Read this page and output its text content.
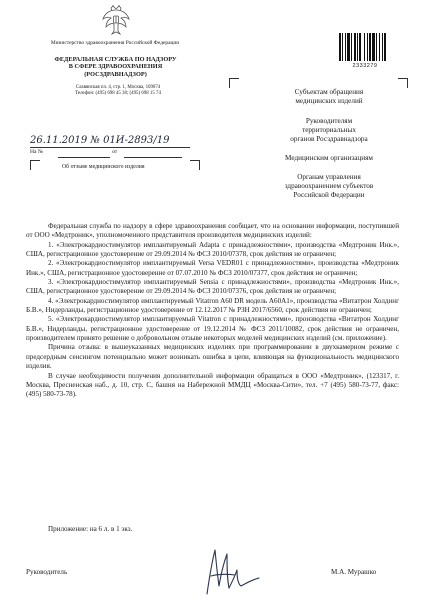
Министерство здравоохранения Российской Федерации
ФЕДЕРАЛЬНАЯ СЛУЖБА ПО НАДЗОРУ
В СФЕРЕ ЗДРАВООХРАНЕНИЯ
(РОСЗДРАВНАДЗОР)
Славянская пл. 4, стр. 1, Москва, 109074
Телефон: (495) 698 45 38; (495) 698 15 74
26.11.2019 № 01И-2893/19
На №	от
Об отзыве медицинского изделия
2333279
Субъектам обращения
медицинских изделий
Руководителям
территориальных
органов Росздравнадзора
Медицинским организациям
Органам управления
здравоохранением субъектов
Российской Федерации

Федеральная служба по надзору в сфере здравоохранения сообщает, что на основании информации, поступившей от ООО «Медтроник», уполномоченного представителя производителя медицинских изделий:

1. «Электрокардиостимулятор имплантируемый Adapta с принадлежностями», производства «Медтроник Инк.», США, регистрационное удостоверение от 29.09.2014 № ФСЗ 2010/07378, срок действия не ограничен;

2. «Электрокардиостимулятор имплантируемый Versa VEDR01 с принадлежностями», производства «Медтроник Инк.», США, регистрационное удостоверение от 07.07.2010 № ФСЗ 2010/07377, срок действия не ограничен;

3. «Электрокардиостимулятор имплантируемый Sensia с принадлежностями», производства «Медтроник Инк.», США, регистрационное удостоверение от 29.09.2014 № ФСЗ 2010/07376, срок действия не ограничен;

4. «Электрокардиостимулятор имплантируемый Vitatron A60 DR модель A60A1», производства «Витатрон Холдинг Б.В.», Нидерланды, регистрационное удостоверение от 12.12.2017 № РЗН 2017/6560, срок действия не ограничен;

5. «Электрокардиостимулятор имплантируемый Vitatron с принадлежностями», производства «Витатрон Холдинг Б.В.», Нидерланды, регистрационное удостоверение от 19.12.2014 № ФСЗ 2011/10082, срок действия не ограничен, производителем принято решение о добровольном отзыве некоторых моделей медицинских изделий (см. приложение).

Причина отзыва: в вышеуказанных медицинских изделиях при программировании в двухкамерном режиме с предсердным сенсингом потенциально может возникать ошибка в цепи, влияющая на функциональность медицинского изделия.

В случае необходимости получения дополнительной информации обращаться в ООО «Медтроник», (123317, г. Москва, Пресненская наб., д. 10, стр. С, башня на Набережной ММДЦ «Москва-Сити», тел. +7 (495) 580-73-77, факс: (495) 580-73-78).

Приложение: на 6 л. в 1 экз.
Руководитель	М.А. Мурашко
